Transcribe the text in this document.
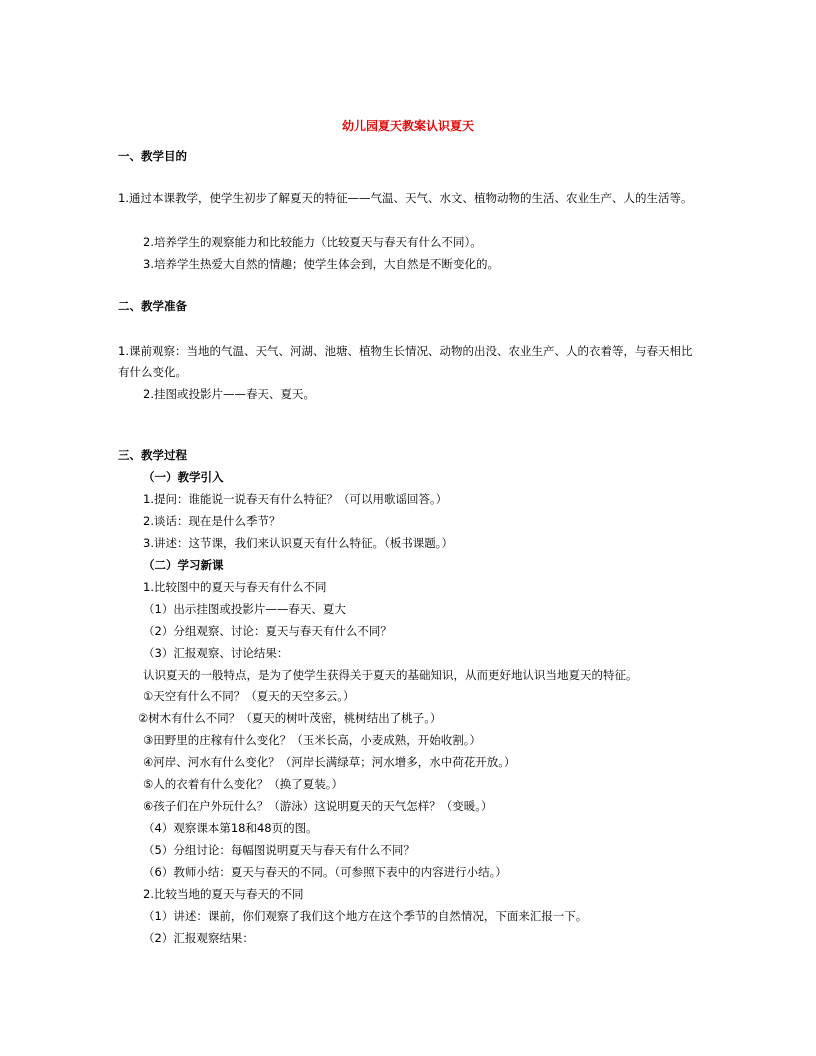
幼儿园夏天教案认识夏天
一、教学目的
1.通过本课教学，使学生初步了解夏天的特征——气温、天气、水文、植物动物的生活、农业生产、人的生活等。
2.培养学生的观察能力和比较能力（比较夏天与春天有什么不同）。
3.培养学生热爱大自然的情趣；使学生体会到，大自然是不断变化的。
二、教学准备
1.课前观察：当地的气温、天气、河湖、池塘、植物生长情况、动物的出没、农业生产、人的衣着等，与春天相比有什么变化。
2.挂图或投影片——春天、夏天。
三、教学过程
（一）教学引入
1.提问：谁能说一说春天有什么特征？（可以用歌谣回答。）
2.谈话：现在是什么季节？
3.讲述：这节课，我们来认识夏天有什么特征。（板书课题。）
（二）学习新课
1.比较图中的夏天与春天有什么不同
（1）出示挂图或投影片——春天、夏大
（2）分组观察、讨论：夏天与春天有什么不同？
（3）汇报观察、讨论结果：
认识夏天的一般特点，是为了使学生获得关于夏天的基础知识，从而更好地认识当地夏天的特征。
①天空有什么不同？（夏天的天空多云。）
②树木有什么不同？（夏天的树叶茂密，桃树结出了桃子。）
③田野里的庄稼有什么变化？（玉米长高，小麦成熟，开始收割。）
④河岸、河水有什么变化？（河岸长满绿草；河水增多，水中荷花开放。）
⑤人的衣着有什么变化？（换了夏装。）
⑥孩子们在户外玩什么？（游泳）这说明夏天的天气怎样？（变暖。）
（4）观察课本第18和48页的图。
（5）分组讨论：每幅图说明夏天与春天有什么不同？
（6）教师小结：夏天与春天的不同。（可参照下表中的内容进行小结。）
2.比较当地的夏天与春天的不同
（1）讲述：课前，你们观察了我们这个地方在这个季节的自然情况，下面来汇报一下。
（2）汇报观察结果：
